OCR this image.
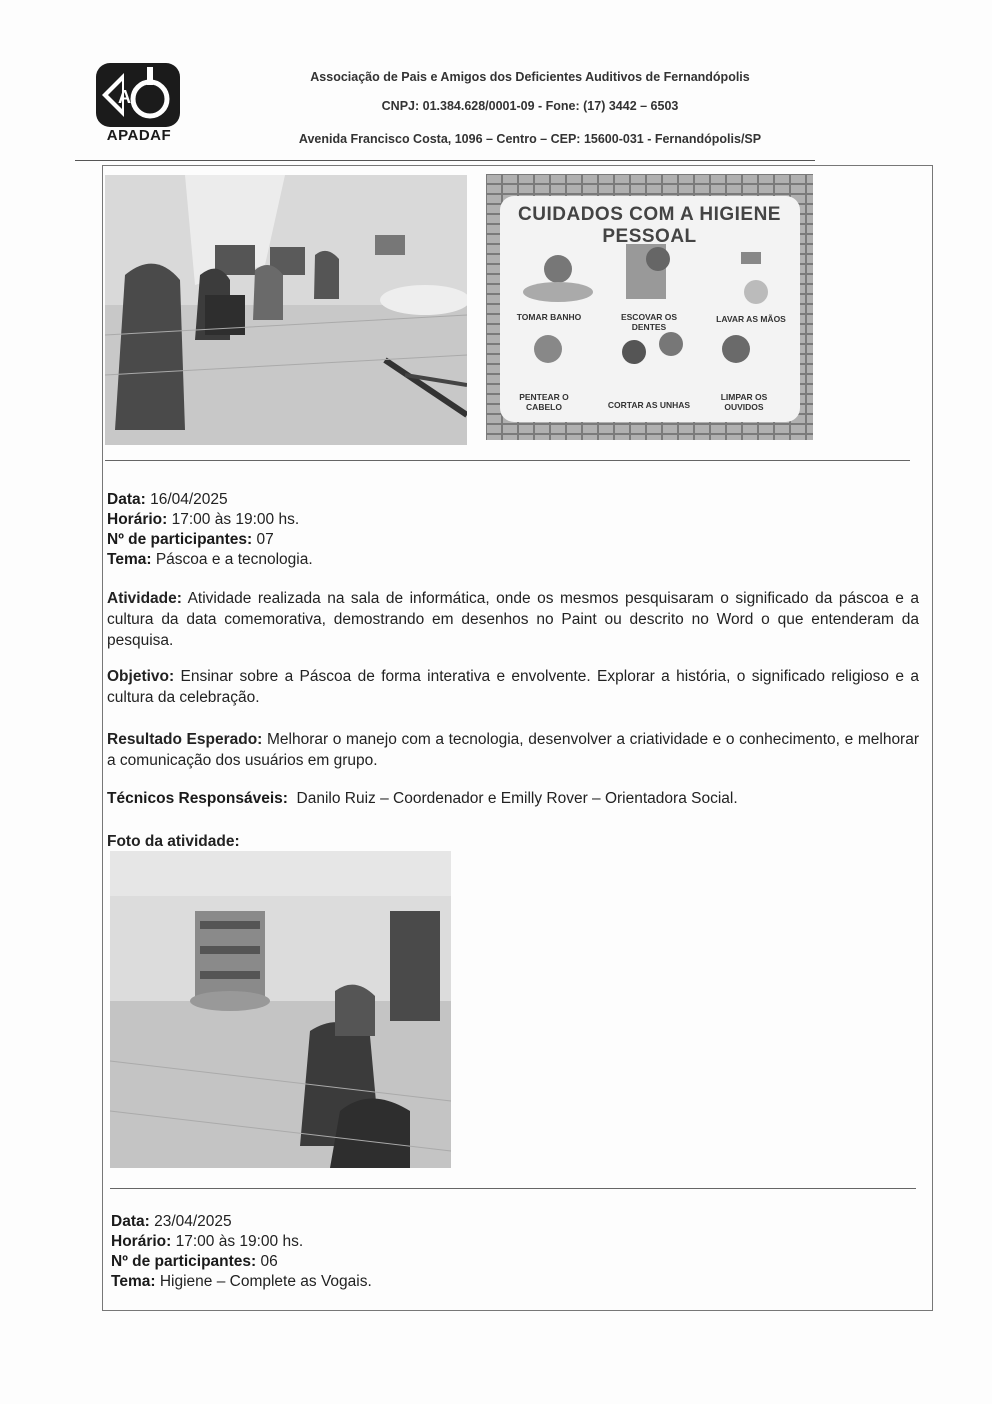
A
APADAF
Associação de Pais e Amigos dos Deficientes Auditivos de Fernandópolis
CNPJ: 01.384.628/0001-09 - Fone: (17) 3442 – 6503
Avenida Francisco Costa, 1096 – Centro – CEP: 15600-031 - Fernandópolis/SP
CUIDADOS COM A HIGIENE PESSOAL
TOMAR BANHO	ESCOVAR OS DENTES
LAVAR AS MÃOS
PENTEAR O CABELO	CORTAR AS UNHAS
LIMPAR OS OUVIDOS
Data: 16/04/2025
Horário: 17:00 às 19:00 hs.
Nº de participantes: 07
Tema: Páscoa e a tecnologia.
Atividade: Atividade realizada na sala de informática, onde os mesmos pesquisaram o significado da páscoa e a cultura da data comemorativa, demostrando em desenhos no Paint ou descrito no Word o que entenderam da pesquisa.
Objetivo: Ensinar sobre a Páscoa de forma interativa e envolvente. Explorar a história, o significado religioso e a cultura da celebração.
Resultado Esperado: Melhorar o manejo com a tecnologia, desenvolver a criatividade e o conhecimento, e melhorar a comunicação dos usuários em grupo.
Técnicos Responsáveis: Danilo Ruiz – Coordenador e Emilly Rover – Orientadora Social.
Foto da atividade:
Data: 23/04/2025
Horário: 17:00 às 19:00 hs.
Nº de participantes: 06
Tema: Higiene – Complete as Vogais.
